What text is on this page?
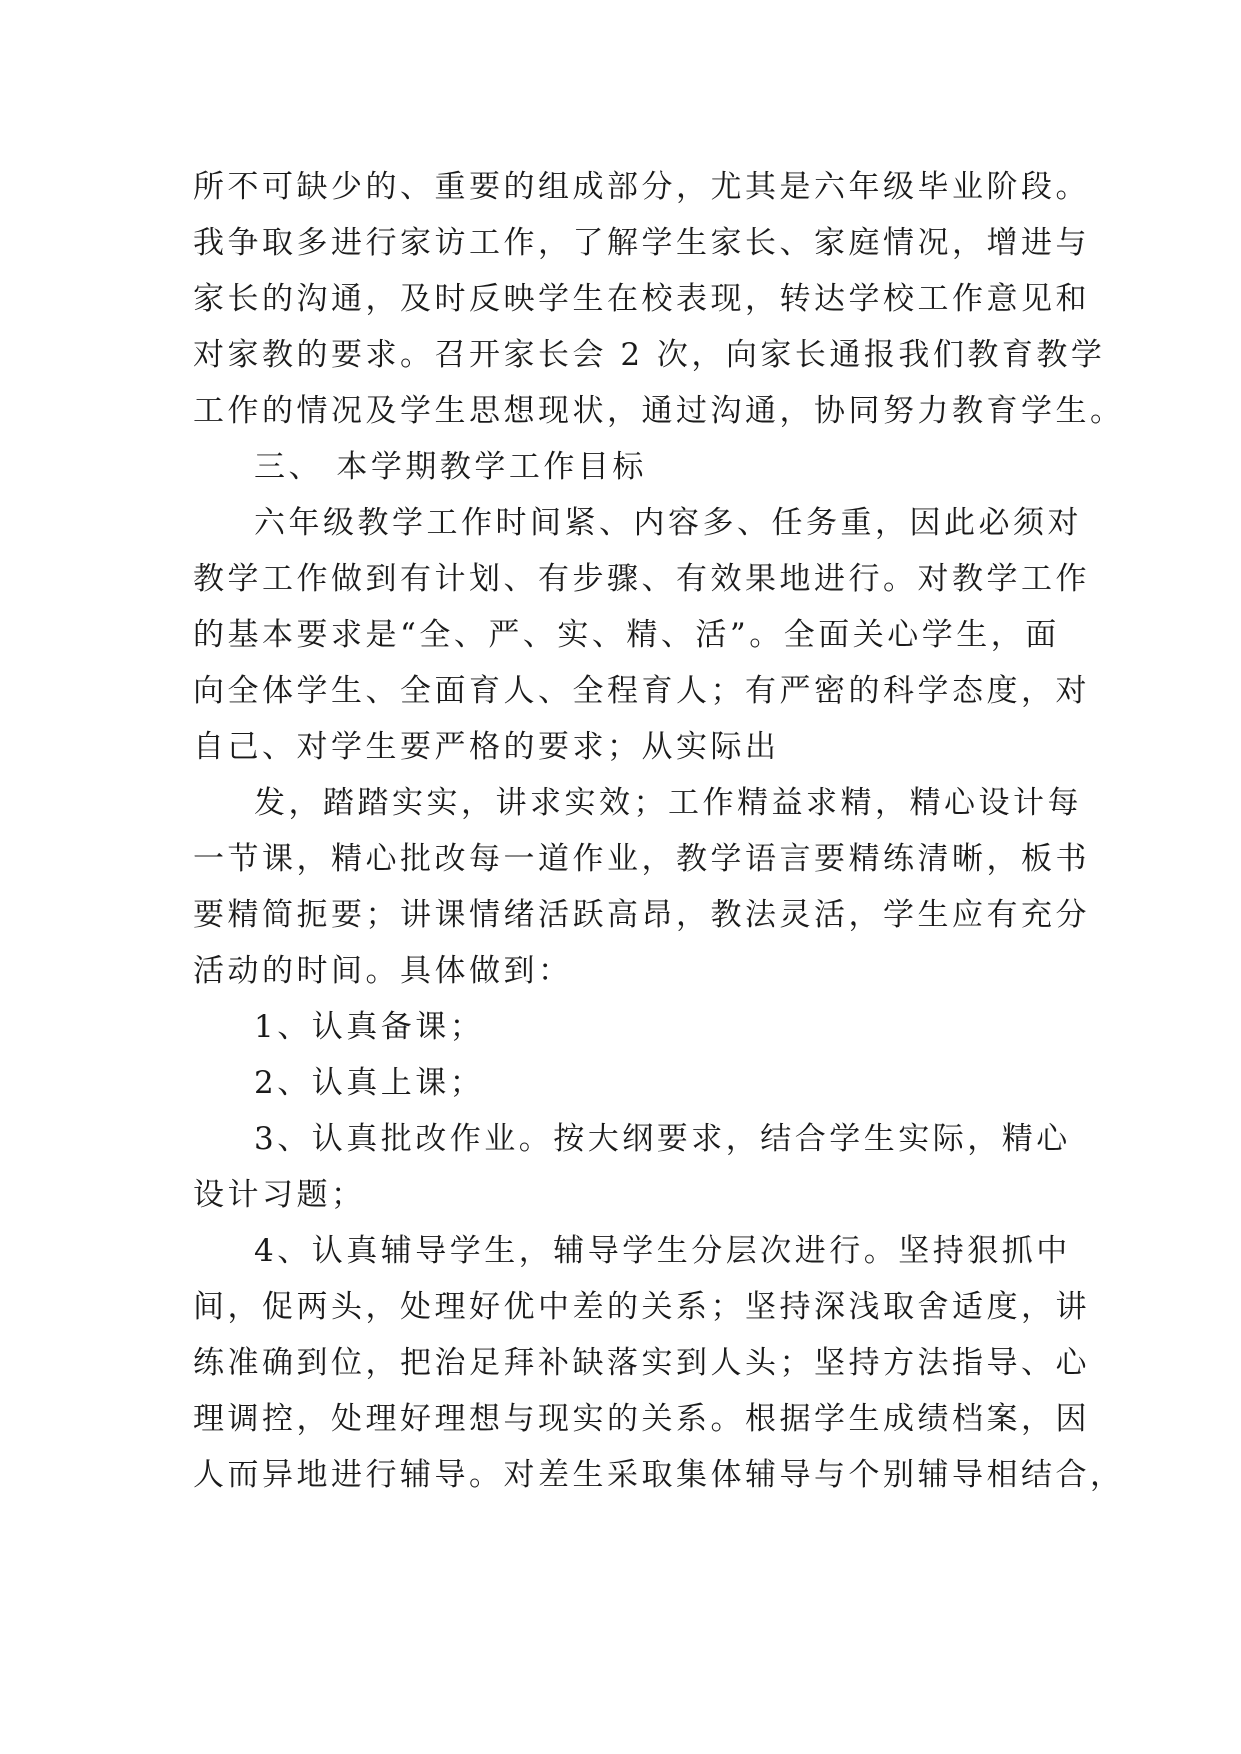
所不可缺少的、重要的组成部分，尤其是六年级毕业阶段。
我争取多进行家访工作，了解学生家长、家庭情况，增进与
家长的沟通，及时反映学生在校表现，转达学校工作意见和
对家教的要求。召开家长会 2 次，向家长通报我们教育教学
工作的情况及学生思想现状，通过沟通，协同努力教育学生。
三、 本学期教学工作目标
六年级教学工作时间紧、内容多、任务重，因此必须对
教学工作做到有计划、有步骤、有效果地进行。对教学工作
的基本要求是“全、严、实、精、活”。全面关心学生，面
向全体学生、全面育人、全程育人；有严密的科学态度，对
自己、对学生要严格的要求；从实际出
发，踏踏实实，讲求实效；工作精益求精，精心设计每
一节课，精心批改每一道作业，教学语言要精练清晰，板书
要精简扼要；讲课情绪活跃高昂，教法灵活，学生应有充分
活动的时间。具体做到：
1、认真备课；
2、认真上课；
3、认真批改作业。按大纲要求，结合学生实际，精心
设计习题；
4、认真辅导学生，辅导学生分层次进行。坚持狠抓中
间，促两头，处理好优中差的关系；坚持深浅取舍适度，讲
练准确到位，把治足拜补缺落实到人头；坚持方法指导、心
理调控，处理好理想与现实的关系。根据学生成绩档案，因
人而异地进行辅导。对差生采取集体辅导与个别辅导相结合，
